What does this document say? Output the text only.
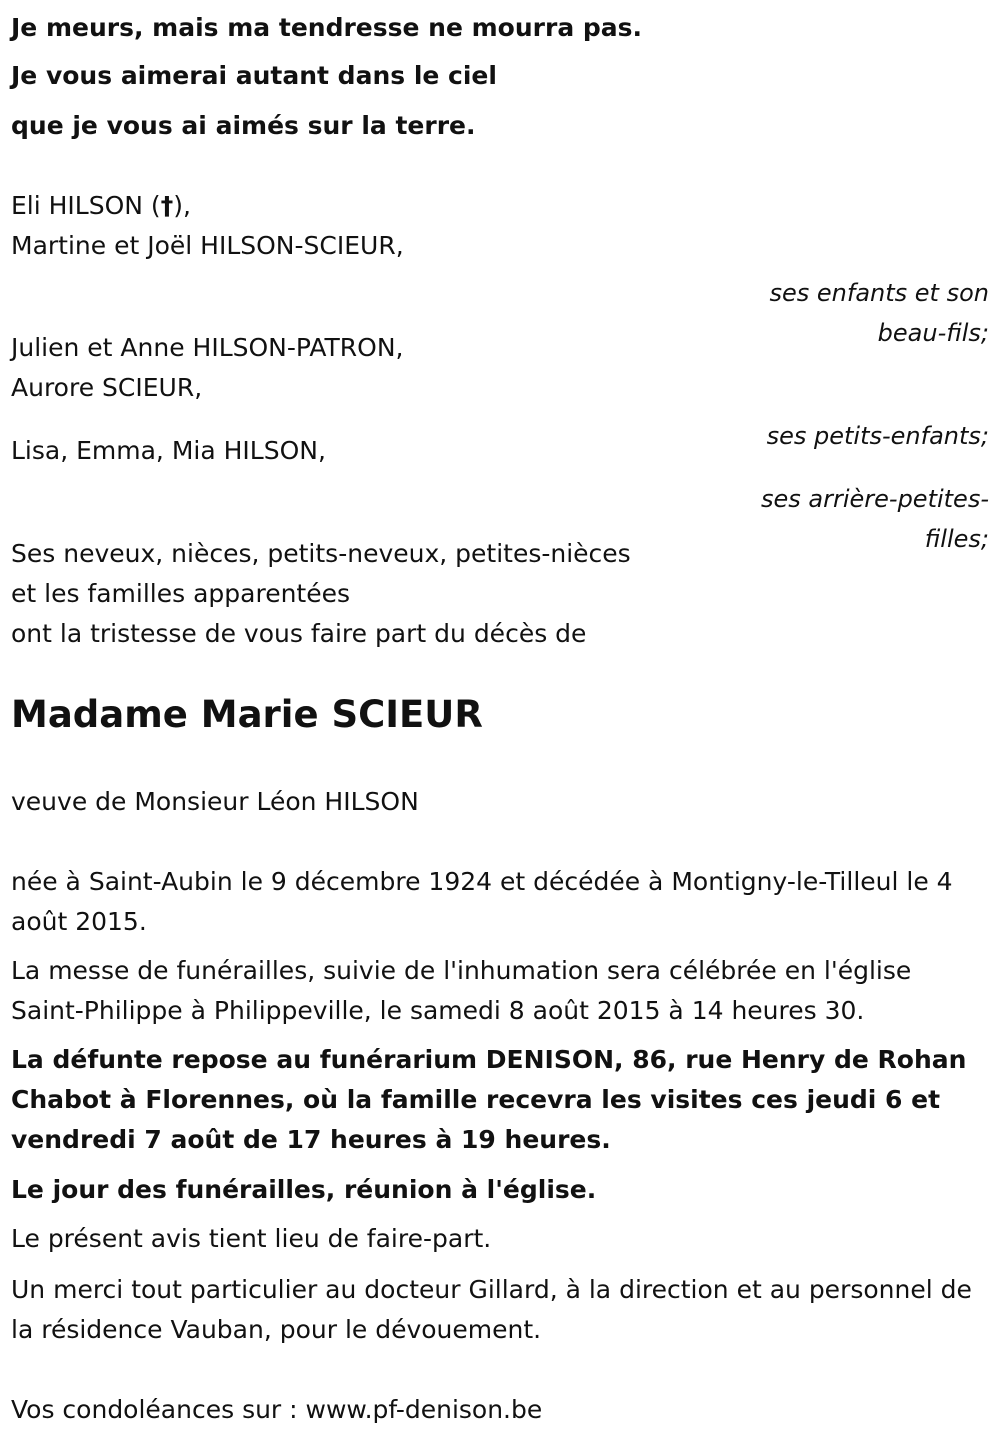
Je meurs, mais ma tendresse ne mourra pas.

Je vous aimerai autant dans le ciel

que je vous ai aimés sur la terre.

Eli HILSON (†),

Martine et Joël HILSON-SCIEUR,

ses enfants et son

beau-fils;

Julien et Anne HILSON-PATRON,

Aurore SCIEUR,

ses petits-enfants;

Lisa, Emma, Mia HILSON,

ses arrière-petites-

filles;

Ses neveux, nièces, petits-neveux, petites-nièces

et les familles apparentées

ont la tristesse de vous faire part du décès de

Madame Marie SCIEUR

veuve de Monsieur Léon HILSON

née à Saint-Aubin le 9 décembre 1924 et décédée à Montigny-le-Tilleul le 4 août 2015.

La messe de funérailles, suivie de l'inhumation sera célébrée en l'église Saint-Philippe à Philippeville, le samedi 8 août 2015 à 14 heures 30.

La défunte repose au funérarium DENISON, 86, rue Henry de Rohan Chabot à Florennes, où la famille recevra les visites ces jeudi 6 et vendredi 7 août de 17 heures à 19 heures.

Le jour des funérailles, réunion à l'église.

Le présent avis tient lieu de faire-part.

Un merci tout particulier au docteur Gillard, à la direction et au personnel de la résidence Vauban, pour le dévouement.

Vos condoléances sur : www.pf-denison.be
